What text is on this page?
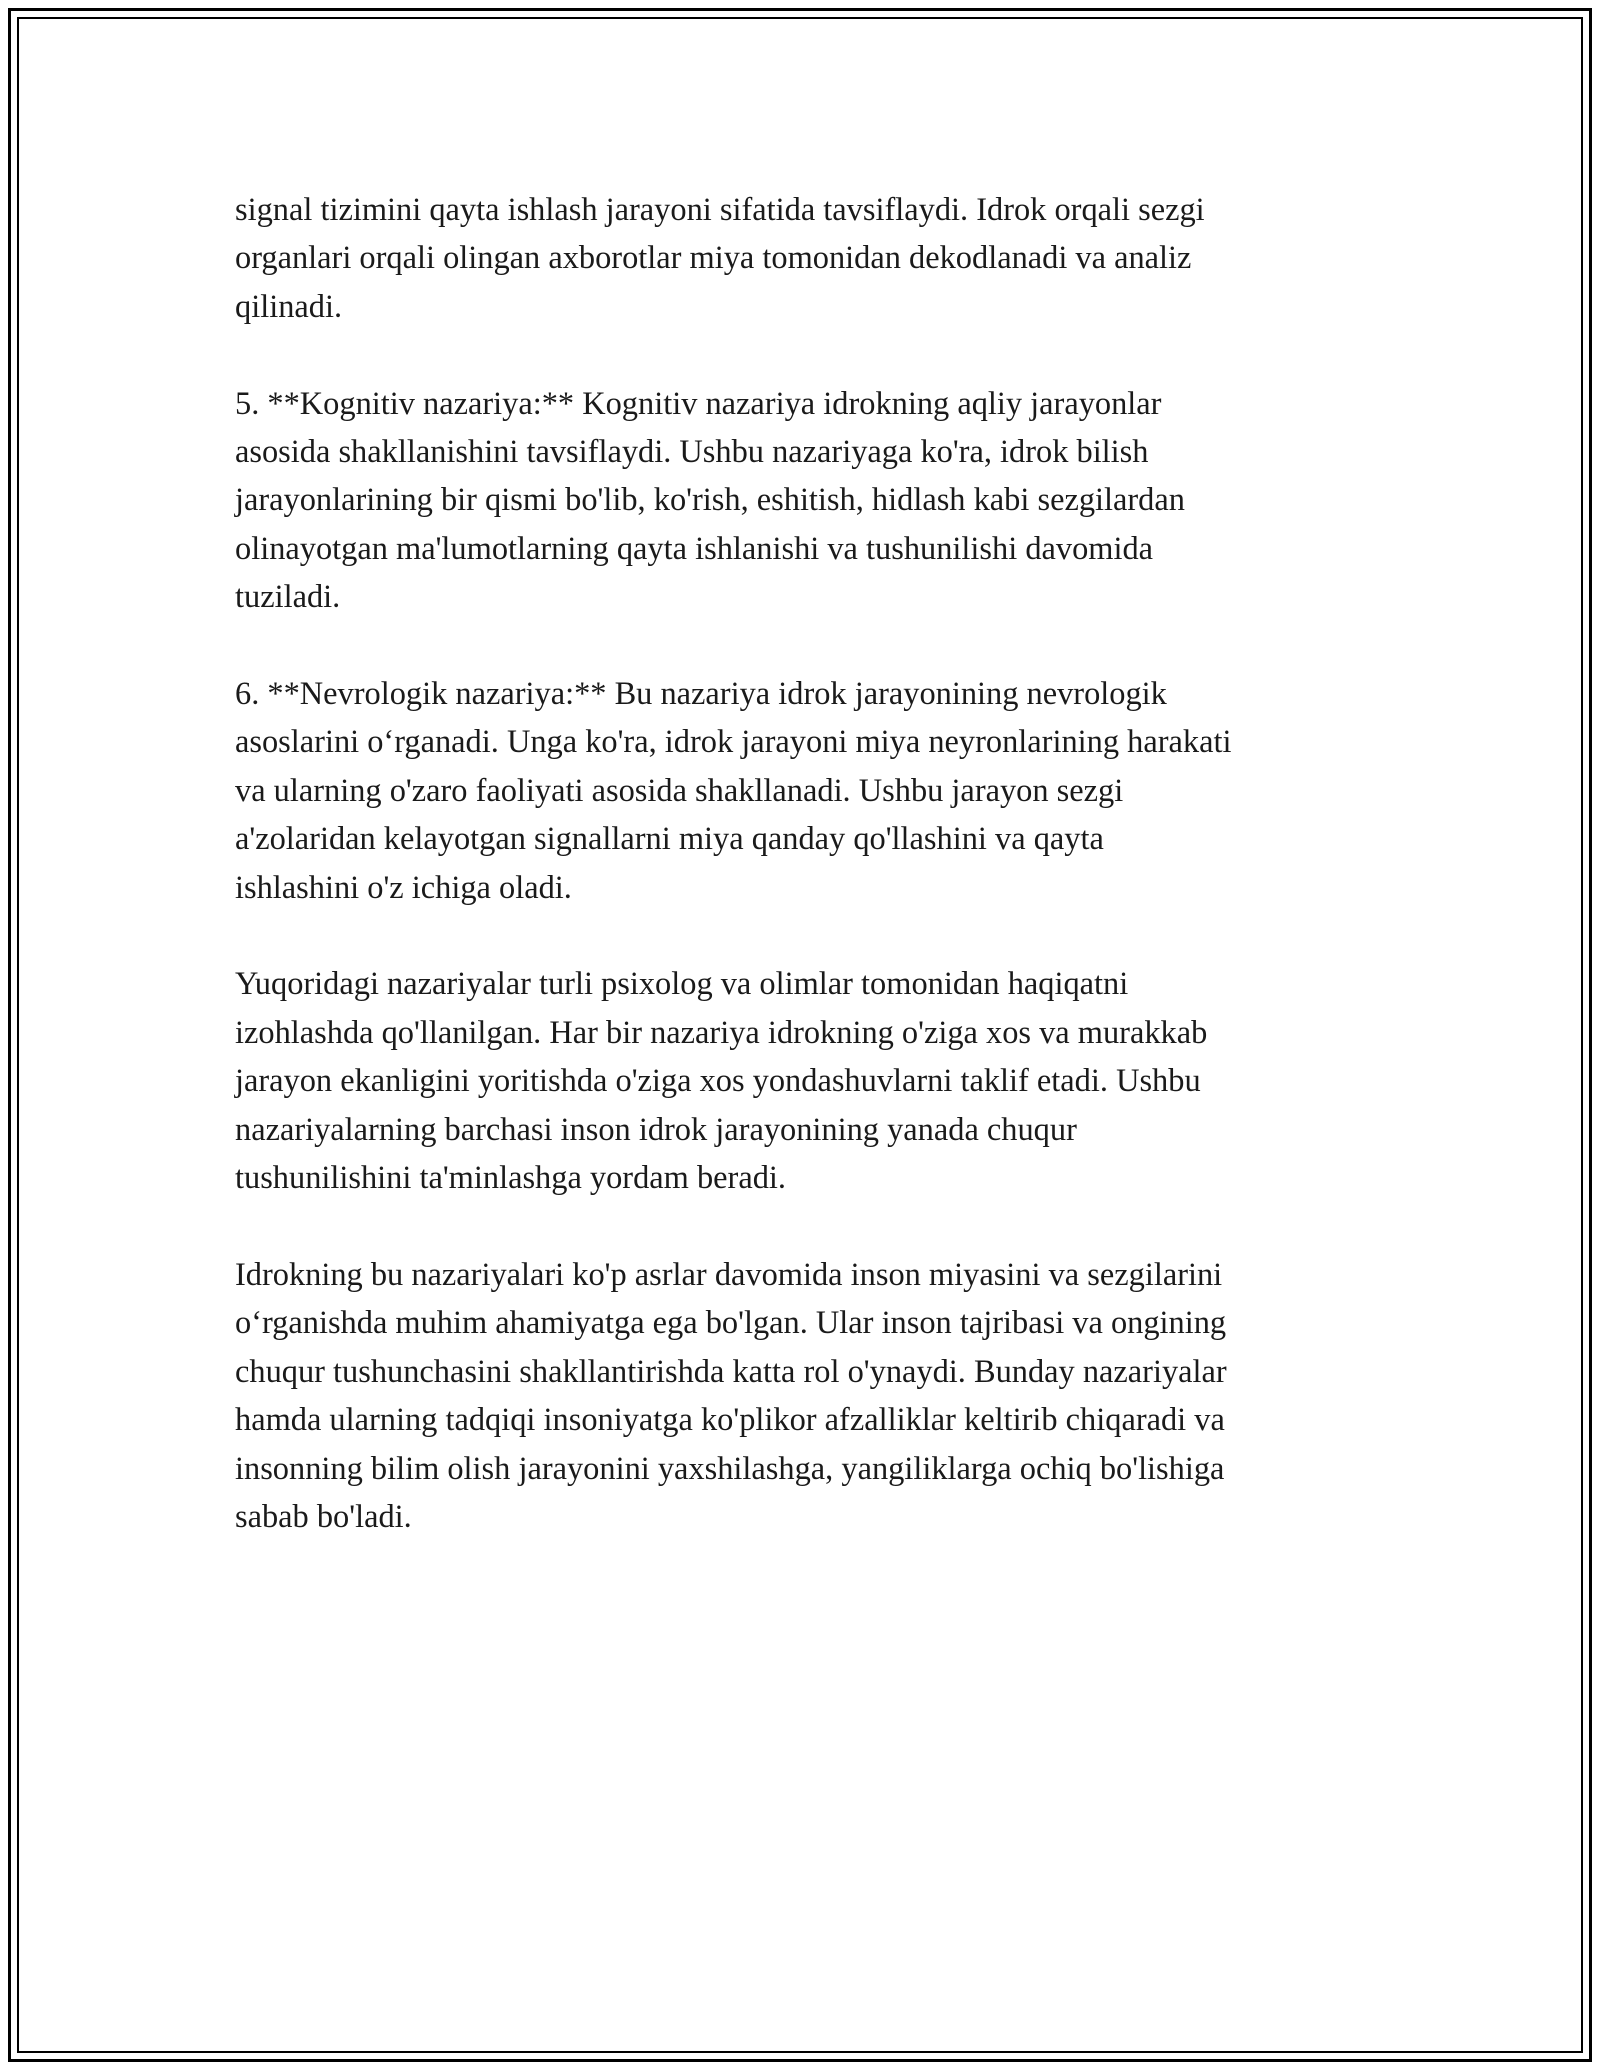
signal tizimini qayta ishlash jarayoni sifatida tavsiflaydi. Idrok orqali sezgi
organlari orqali olingan axborotlar miya tomonidan dekodlanadi va analiz
qilinadi.

5. **Kognitiv nazariya:** Kognitiv nazariya idrokning aqliy jarayonlar
asosida shakllanishini tavsiflaydi. Ushbu nazariyaga ko'ra, idrok bilish
jarayonlarining bir qismi bo'lib, ko'rish, eshitish, hidlash kabi sezgilardan
olinayotgan ma'lumotlarning qayta ishlanishi va tushunilishi davomida
tuziladi.

6. **Nevrologik nazariya:** Bu nazariya idrok jarayonining nevrologik
asoslarini o‘rganadi. Unga ko'ra, idrok jarayoni miya neyronlarining harakati
va ularning o'zaro faoliyati asosida shakllanadi. Ushbu jarayon sezgi
a'zolaridan kelayotgan signallarni miya qanday qo'llashini va qayta
ishlashini o'z ichiga oladi.

Yuqoridagi nazariyalar turli psixolog va olimlar tomonidan haqiqatni
izohlashda qo'llanilgan. Har bir nazariya idrokning o'ziga xos va murakkab
jarayon ekanligini yoritishda o'ziga xos yondashuvlarni taklif etadi. Ushbu
nazariyalarning barchasi inson idrok jarayonining yanada chuqur
tushunilishini ta'minlashga yordam beradi.

Idrokning bu nazariyalari ko'p asrlar davomida inson miyasini va sezgilarini
o‘rganishda muhim ahamiyatga ega bo'lgan. Ular inson tajribasi va ongining
chuqur tushunchasini shakllantirishda katta rol o'ynaydi. Bunday nazariyalar
hamda ularning tadqiqi insoniyatga ko'plikor afzalliklar keltirib chiqaradi va
insonning bilim olish jarayonini yaxshilashga, yangiliklarga ochiq bo'lishiga
sabab bo'ladi.
